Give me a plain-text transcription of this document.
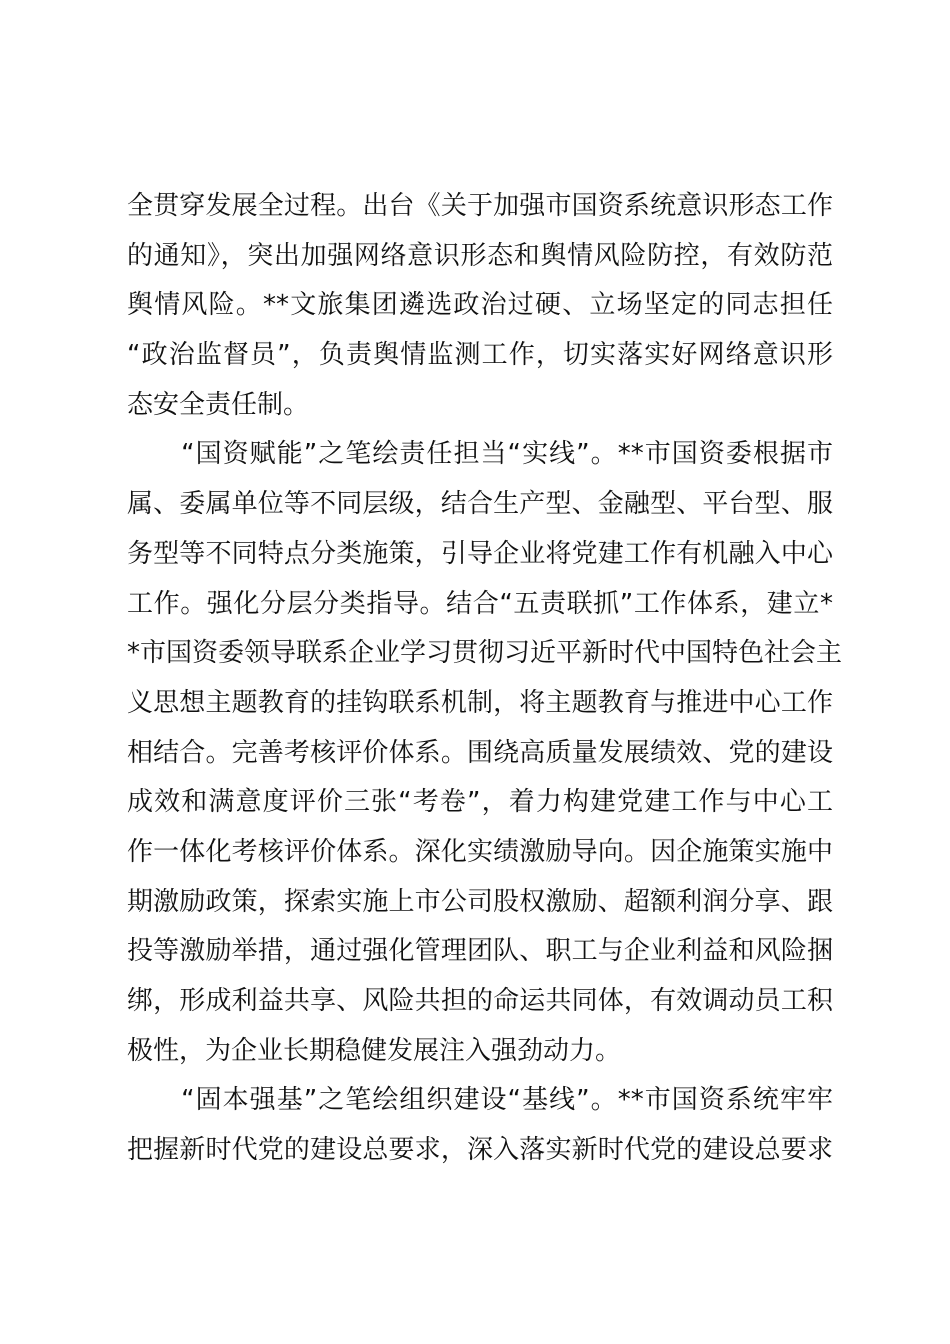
全贯穿发展全过程。出台《关于加强市国资系统意识形态工作
的通知》，突出加强网络意识形态和舆情风险防控，有效防范
舆情风险。**文旅集团遴选政治过硬、立场坚定的同志担任
“政治监督员”，负责舆情监测工作，切实落实好网络意识形
态安全责任制。
　　“国资赋能”之笔绘责任担当“实线”。**市国资委根据市
属、委属单位等不同层级，结合生产型、金融型、平台型、服
务型等不同特点分类施策，引导企业将党建工作有机融入中心
工作。强化分层分类指导。结合“五责联抓”工作体系，建立*
*市国资委领导联系企业学习贯彻习近平新时代中国特色社会主
义思想主题教育的挂钩联系机制，将主题教育与推进中心工作
相结合。完善考核评价体系。围绕高质量发展绩效、党的建设
成效和满意度评价三张“考卷”，着力构建党建工作与中心工
作一体化考核评价体系。深化实绩激励导向。因企施策实施中
期激励政策，探索实施上市公司股权激励、超额利润分享、跟
投等激励举措，通过强化管理团队、职工与企业利益和风险捆
绑，形成利益共享、风险共担的命运共同体，有效调动员工积
极性，为企业长期稳健发展注入强劲动力。
　　“固本强基”之笔绘组织建设“基线”。**市国资系统牢牢
把握新时代党的建设总要求，深入落实新时代党的建设总要求
